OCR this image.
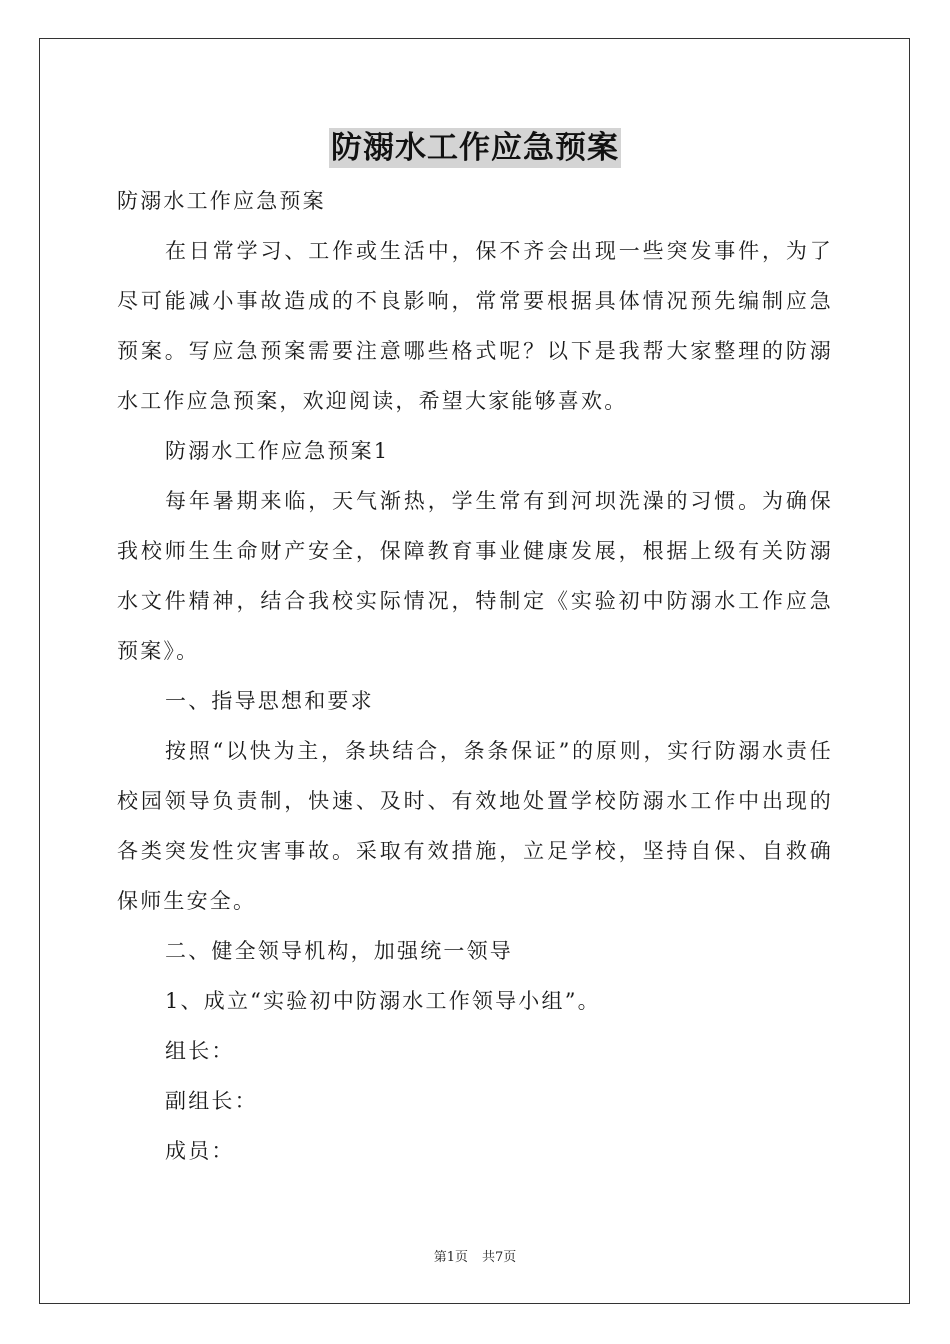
防溺水工作应急预案

防溺水工作应急预案

在日常学习、工作或生活中，保不齐会出现一些突发事件，为了尽可能减小事故造成的不良影响，常常要根据具体情况预先编制应急预案。写应急预案需要注意哪些格式呢？以下是我帮大家整理的防溺水工作应急预案，欢迎阅读，希望大家能够喜欢。

防溺水工作应急预案1

每年暑期来临，天气渐热，学生常有到河坝洗澡的习惯。为确保我校师生生命财产安全，保障教育事业健康发展，根据上级有关防溺水文件精神，结合我校实际情况，特制定《实验初中防溺水工作应急预案》。

一、指导思想和要求

按照“以快为主，条块结合，条条保证”的原则，实行防溺水责任校园领导负责制，快速、及时、有效地处置学校防溺水工作中出现的各类突发性灾害事故。采取有效措施，立足学校，坚持自保、自救确保师生安全。

二、健全领导机构，加强统一领导

1、成立“实验初中防溺水工作领导小组”。

组长：

副组长：

成员：

第1页 共7页
